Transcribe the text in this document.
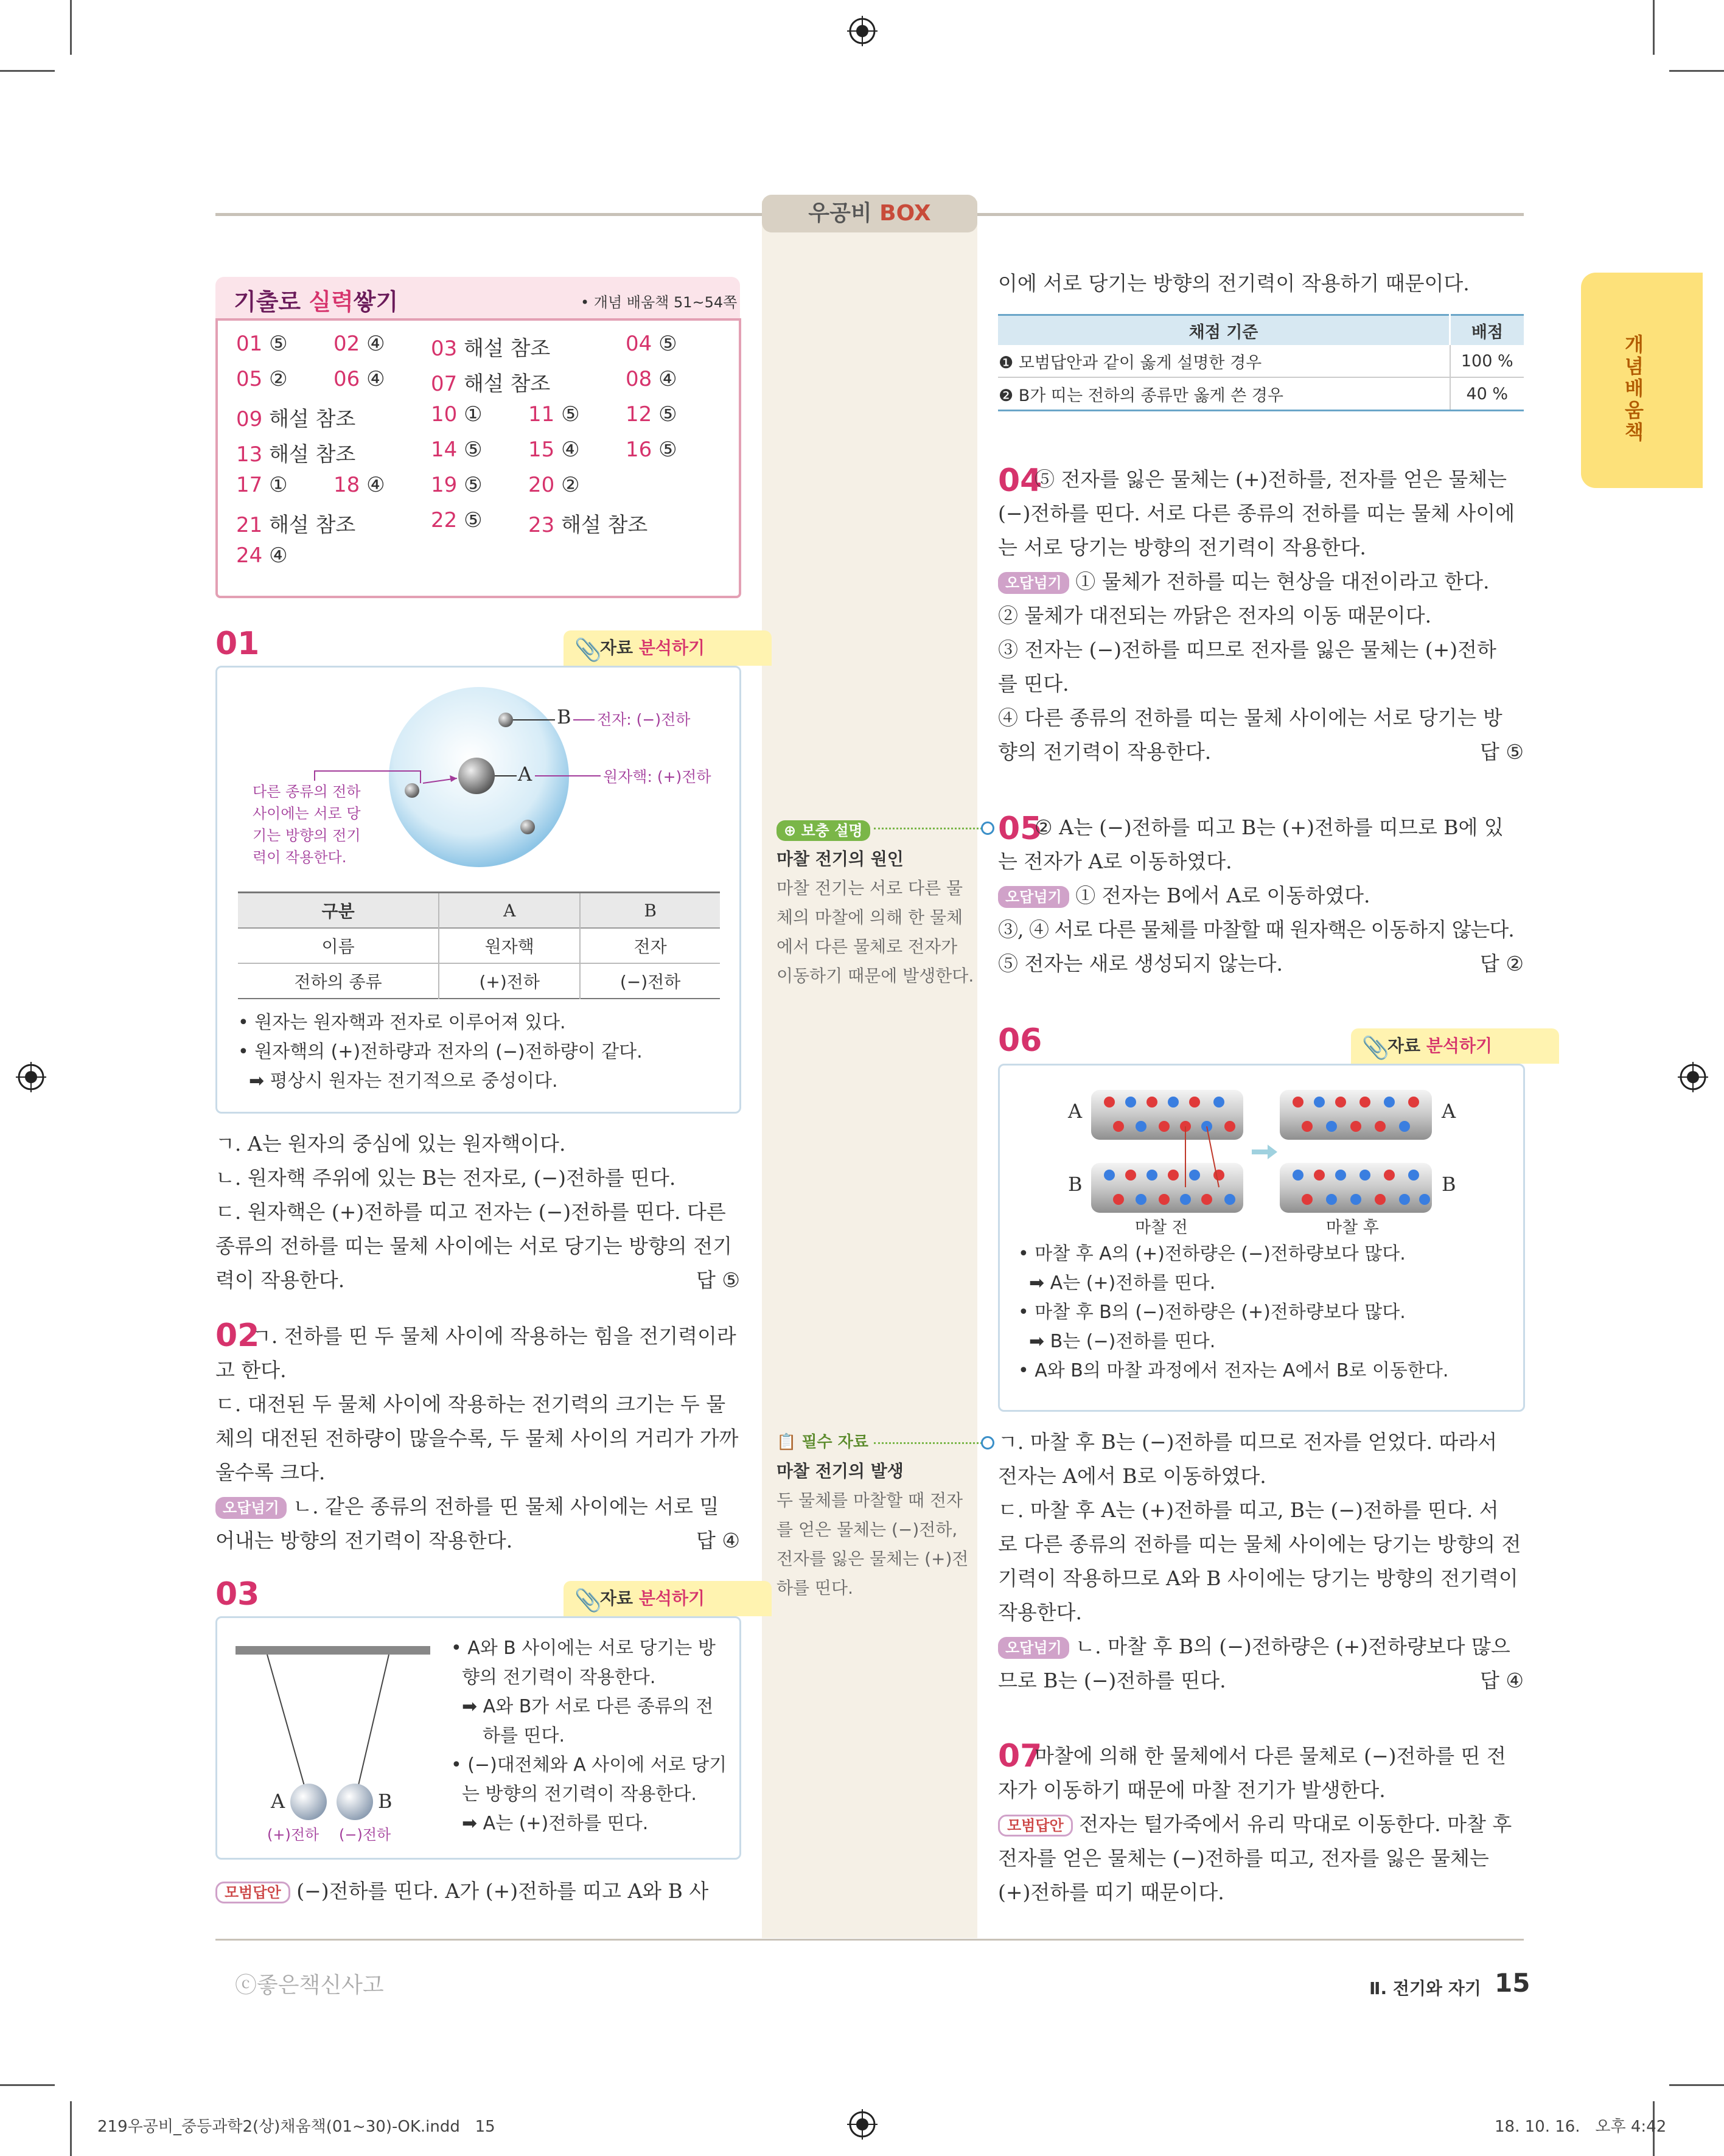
우공비 BOX
개념 배움책
기출로 실력쌓기	• 개념 배움책 51~54쪽
01 ⑤ 02 ④ 03 해설 참조	04 ⑤
05 ② 06 ④ 07 해설 참조	08 ④
09 해설 참조	10 ① 11 ⑤ 12 ⑤
13 해설 참조	14 ⑤ 15 ④ 16 ⑤
17 ① 18 ④ 19 ⑤ 20 ②
21 해설 참조	22 ⑤ 23 해설 참조
24 ④
01	📎
자료 분석하기
B
A
전자: (−)전하
원자핵: (+)전하
다른 종류의 전하
사이에는 서로 당
기는 방향의 전기
력이 작용한다.
구분	A	B
이름	원자핵	전자
전하의 종류	(+)전하	(−)전하
• 원자는 원자핵과 전자로 이루어져 있다.
• 원자핵의 (+)전하량과 전자의 (−)전하량이 같다.
➡ 평상시 원자는 전기적으로 중성이다.
ㄱ. A는 원자의 중심에 있는 원자핵이다.
ㄴ. 원자핵 주위에 있는 B는 전자로, (−)전하를 띤다.
ㄷ. 원자핵은 (+)전하를 띠고 전자는 (−)전하를 띤다. 다른
종류의 전하를 띠는 물체 사이에는 서로 당기는 방향의 전기
력이 작용한다.	답 ⑤
02
ㄱ. 전하를 띤 두 물체 사이에 작용하는 힘을 전기력이라
고 한다.
ㄷ. 대전된 두 물체 사이에 작용하는 전기력의 크기는 두 물
체의 대전된 전하량이 많을수록, 두 물체 사이의 거리가 가까
울수록 크다.
오답넘기 ㄴ. 같은 종류의 전하를 띤 물체 사이에는 서로 밀
어내는 방향의 전기력이 작용한다.	답 ④
03	📎
자료 분석하기
A	B
(+)전하 (−)전하
• A와 B 사이에는 서로 당기는 방
향의 전기력이 작용한다.
➡ A와 B가 서로 다른 종류의 전
하를 띤다.
• (−)대전체와 A 사이에 서로 당기
는 방향의 전기력이 작용한다.
➡ A는 (+)전하를 띤다.
모범답안 (−)전하를 띤다. A가 (+)전하를 띠고 A와 B 사
이에 서로 당기는 방향의 전기력이 작용하기 때문이다.
채점 기준	배점
❶ 모범답안과 같이 옳게 설명한 경우	100 %
❷ B가 띠는 전하의 종류만 옳게 쓴 경우	40 %
04
⑤ 전자를 잃은 물체는 (+)전하를, 전자를 얻은 물체는
(−)전하를 띤다. 서로 다른 종류의 전하를 띠는 물체 사이에
는 서로 당기는 방향의 전기력이 작용한다.
오답넘기 ① 물체가 전하를 띠는 현상을 대전이라고 한다.
② 물체가 대전되는 까닭은 전자의 이동 때문이다.
③ 전자는 (−)전하를 띠므로 전자를 잃은 물체는 (+)전하
를 띤다.
④ 다른 종류의 전하를 띠는 물체 사이에는 서로 당기는 방
향의 전기력이 작용한다.	답 ⑤
⊕ 보충 설명
마찰 전기의 원인
마찰 전기는 서로 다른 물
체의 마찰에 의해 한 물체
에서 다른 물체로 전자가
이동하기 때문에 발생한다.
05
② A는 (−)전하를 띠고 B는 (+)전하를 띠므로 B에 있
는 전자가 A로 이동하였다.
오답넘기 ① 전자는 B에서 A로 이동하였다.
③, ④ 서로 다른 물체를 마찰할 때 원자핵은 이동하지 않는다.
⑤ 전자는 새로 생성되지 않는다.	답 ②
06	📎
자료 분석하기
A
B
A
B
마찰 전	마찰 후
• 마찰 후 A의 (+)전하량은 (−)전하량보다 많다.
➡ A는 (+)전하를 띤다.
• 마찰 후 B의 (−)전하량은 (+)전하량보다 많다.
➡ B는 (−)전하를 띤다.
• A와 B의 마찰 과정에서 전자는 A에서 B로 이동한다.
📋 필수 자료
마찰 전기의 발생
두 물체를 마찰할 때 전자
를 얻은 물체는 (−)전하,
전자를 잃은 물체는 (+)전
하를 띤다.
ㄱ. 마찰 후 B는 (−)전하를 띠므로 전자를 얻었다. 따라서
전자는 A에서 B로 이동하였다.
ㄷ. 마찰 후 A는 (+)전하를 띠고, B는 (−)전하를 띤다. 서
로 다른 종류의 전하를 띠는 물체 사이에는 당기는 방향의 전
기력이 작용하므로 A와 B 사이에는 당기는 방향의 전기력이
작용한다.
오답넘기 ㄴ. 마찰 후 B의 (−)전하량은 (+)전하량보다 많으
므로 B는 (−)전하를 띤다.	답 ④
07
마찰에 의해 한 물체에서 다른 물체로 (−)전하를 띤 전
자가 이동하기 때문에 마찰 전기가 발생한다.
모범답안 전자는 털가죽에서 유리 막대로 이동한다. 마찰 후
전자를 얻은 물체는 (−)전하를 띠고, 전자를 잃은 물체는
(+)전하를 띠기 때문이다.
ⓒ좋은책신사고	Ⅱ. 전기와 자기 15
219우공비_중등과학2(상)채움책(01~30)-OK.indd   15	18. 10. 16.   오후 4:42
